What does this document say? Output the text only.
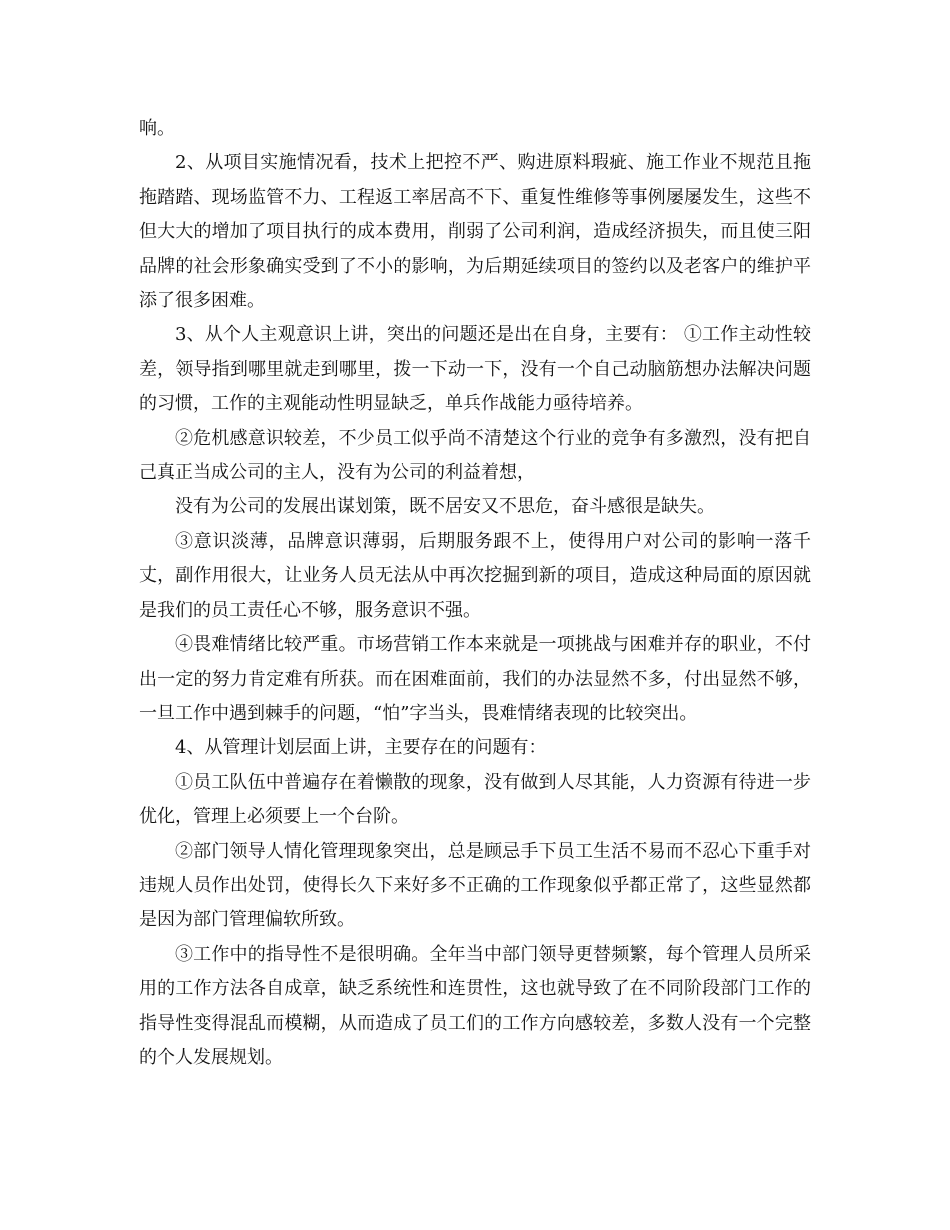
响。

2、从项目实施情况看，技术上把控不严、购进原料瑕疵、施工作业不规范且拖拖踏踏、现场监管不力、工程返工率居高不下、重复性维修等事例屡屡发生，这些不但大大的增加了项目执行的成本费用，削弱了公司利润，造成经济损失，而且使三阳品牌的社会形象确实受到了不小的影响，为后期延续项目的签约以及老客户的维护平添了很多困难。

3、从个人主观意识上讲，突出的问题还是出在自身，主要有： ①工作主动性较差，领导指到哪里就走到哪里，拨一下动一下，没有一个自己动脑筋想办法解决问题的习惯，工作的主观能动性明显缺乏，单兵作战能力亟待培养。

②危机感意识较差，不少员工似乎尚不清楚这个行业的竞争有多激烈，没有把自己真正当成公司的主人，没有为公司的利益着想，

没有为公司的发展出谋划策，既不居安又不思危，奋斗感很是缺失。

③意识淡薄，品牌意识薄弱，后期服务跟不上，使得用户对公司的影响一落千丈，副作用很大，让业务人员无法从中再次挖掘到新的项目，造成这种局面的原因就是我们的员工责任心不够，服务意识不强。

④畏难情绪比较严重。市场营销工作本来就是一项挑战与困难并存的职业，不付出一定的努力肯定难有所获。而在困难面前，我们的办法显然不多，付出显然不够，一旦工作中遇到棘手的问题，“怕”字当头，畏难情绪表现的比较突出。

4、从管理计划层面上讲，主要存在的问题有：

①员工队伍中普遍存在着懒散的现象，没有做到人尽其能，人力资源有待进一步优化，管理上必须要上一个台阶。

②部门领导人情化管理现象突出，总是顾忌手下员工生活不易而不忍心下重手对违规人员作出处罚，使得长久下来好多不正确的工作现象似乎都正常了，这些显然都是因为部门管理偏软所致。

③工作中的指导性不是很明确。全年当中部门领导更替频繁，每个管理人员所采用的工作方法各自成章，缺乏系统性和连贯性，这也就导致了在不同阶段部门工作的指导性变得混乱而模糊，从而造成了员工们的工作方向感较差，多数人没有一个完整的个人发展规划。
